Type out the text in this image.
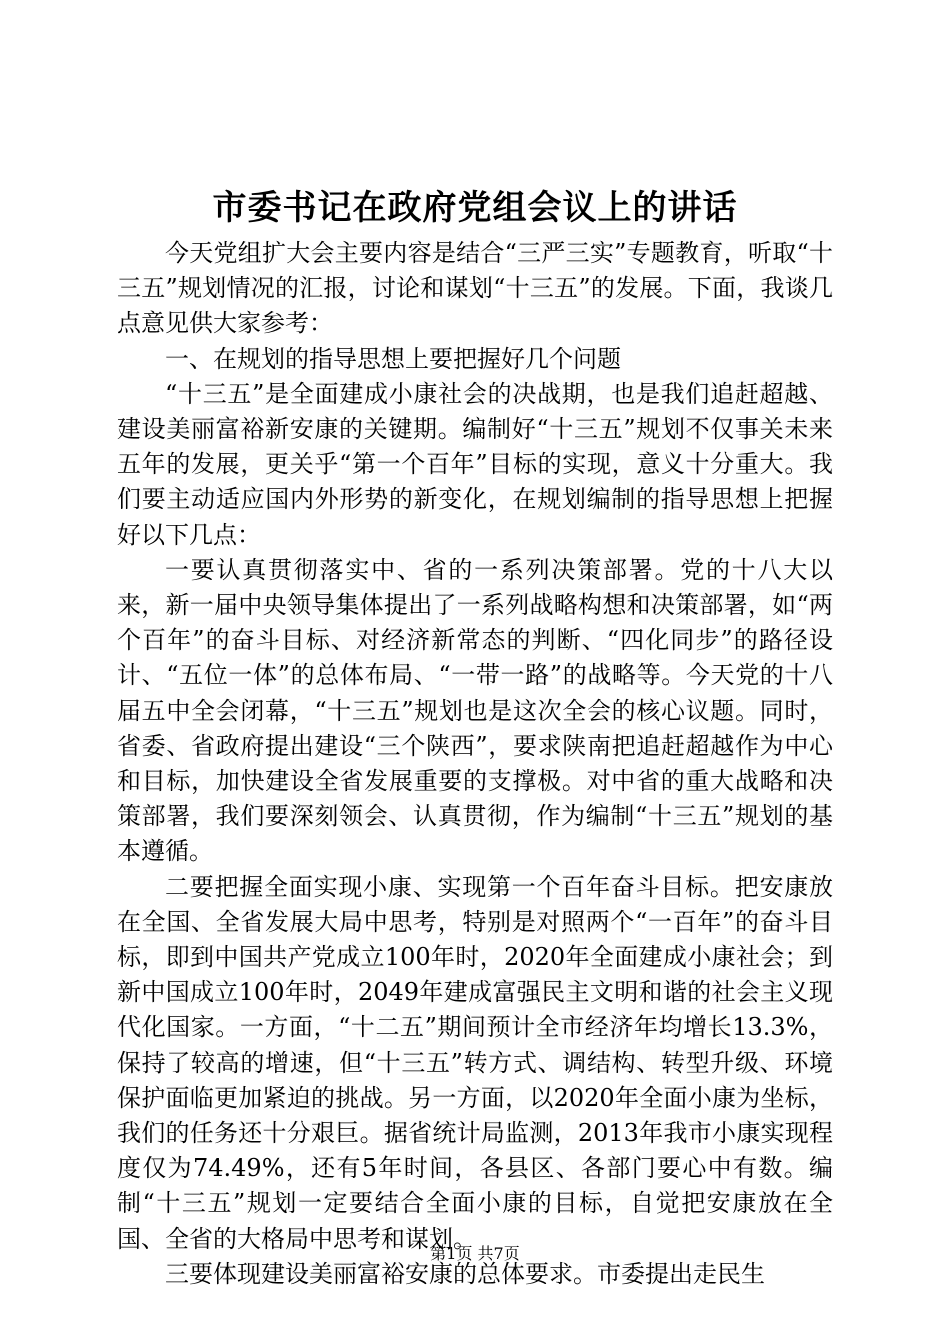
市委书记在政府党组会议上的讲话

今天党组扩大会主要内容是结合“三严三实”专题教育，听取“十三五”规划情况的汇报，讨论和谋划“十三五”的发展。下面，我谈几点意见供大家参考：

一、在规划的指导思想上要把握好几个问题

“十三五”是全面建成小康社会的决战期，也是我们追赶超越、建设美丽富裕新安康的关键期。编制好“十三五”规划不仅事关未来五年的发展，更关乎“第一个百年”目标的实现，意义十分重大。我们要主动适应国内外形势的新变化，在规划编制的指导思想上把握好以下几点：

一要认真贯彻落实中、省的一系列决策部署。党的十八大以来，新一届中央领导集体提出了一系列战略构想和决策部署，如“两个百年”的奋斗目标、对经济新常态的判断、“四化同步”的路径设计、“五位一体”的总体布局、“一带一路”的战略等。今天党的十八届五中全会闭幕，“十三五”规划也是这次全会的核心议题。同时，省委、省政府提出建设“三个陕西”，要求陕南把追赶超越作为中心和目标，加快建设全省发展重要的支撑极。对中省的重大战略和决策部署，我们要深刻领会、认真贯彻，作为编制“十三五”规划的基本遵循。

二要把握全面实现小康、实现第一个百年奋斗目标。把安康放在全国、全省发展大局中思考，特别是对照两个“一百年”的奋斗目标，即到中国共产党成立100年时，2020年全面建成小康社会；到新中国成立100年时，2049年建成富强民主文明和谐的社会主义现代化国家。一方面，“十二五”期间预计全市经济年均增长13.3%，保持了较高的增速，但“十三五”转方式、调结构、转型升级、环境保护面临更加紧迫的挑战。另一方面，以2020年全面小康为坐标，我们的任务还十分艰巨。据省统计局监测，2013年我市小康实现程度仅为74.49%，还有5年时间，各县区、各部门要心中有数。编制“十三五”规划一定要结合全面小康的目标，自觉把安康放在全国、全省的大格局中思考和谋划。

三要体现建设美丽富裕安康的总体要求。市委提出走民生

第1页 共7页
